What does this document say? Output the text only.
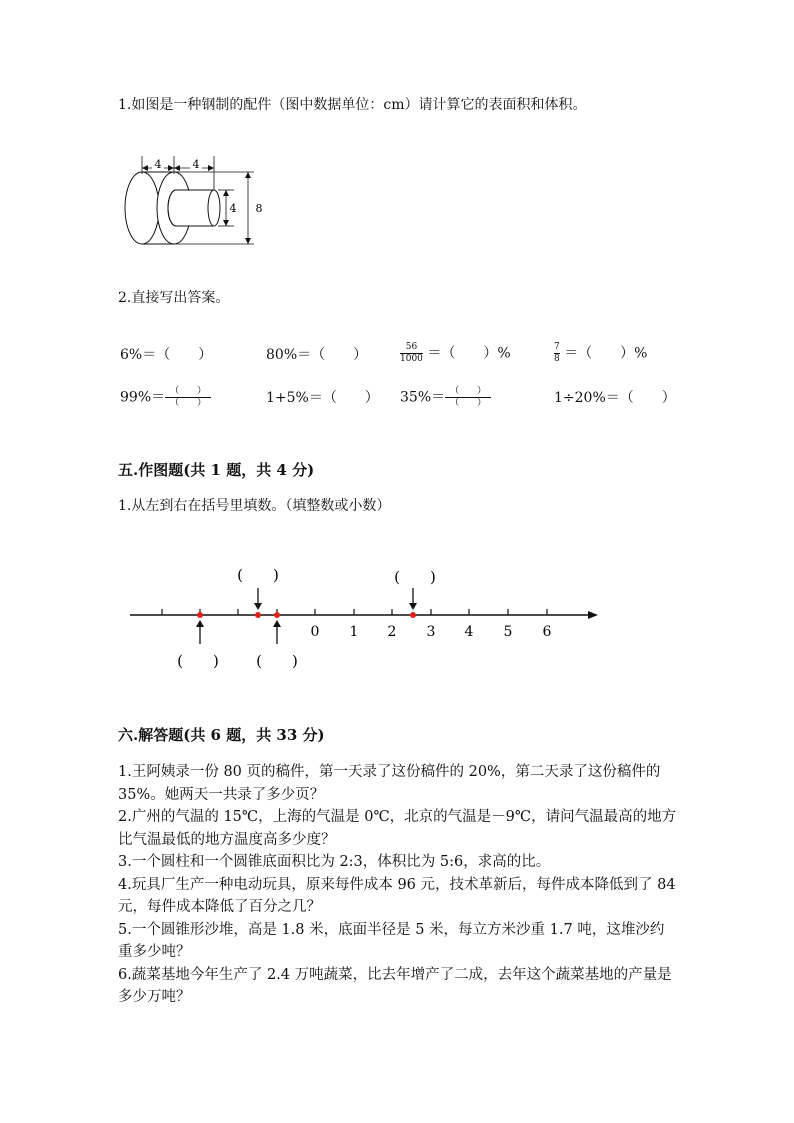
1.如图是一种钢制的配件（图中数据单位：cm）请计算它的表面积和体积。
4	4
4 8
2.直接写出答案。
6%＝（　　）	80%＝（　　）	$\frac{56}{1000}$ ＝（　　）%	$\frac{7}{8}$ ＝（　　）%
$99\%= \frac{( )}{( )}$	1+5%＝（　　） $35\%= \frac{( )}{( )}$	1÷20%＝（　　）
五.作图题(共 1 题，共 4 分)
1.从左到右在括号里填数。（填整数或小数）
0 1 2 3 4 5 6
(　　)	(　　)
(　　) (　　)
六.解答题(共 6 题，共 33 分)
1.王阿姨录一份 80 页的稿件，第一天录了这份稿件的 20%，第二天录了这份稿件的 35%。她两天一共录了多少页？
2.广州的气温的 15℃，上海的气温是 0℃，北京的气温是－9℃，请问气温最高的地方比气温最低的地方温度高多少度？
3.一个圆柱和一个圆锥底面积比为 2:3，体积比为 5:6，求高的比。
4.玩具厂生产一种电动玩具，原来每件成本 96 元，技术革新后，每件成本降低到了 84 元，每件成本降低了百分之几？
5.一个圆锥形沙堆，高是 1.8 米，底面半径是 5 米，每立方米沙重 1.7 吨，这堆沙约重多少吨？
6.蔬菜基地今年生产了 2.4 万吨蔬菜，比去年增产了二成，去年这个蔬菜基地的产量是多少万吨？
